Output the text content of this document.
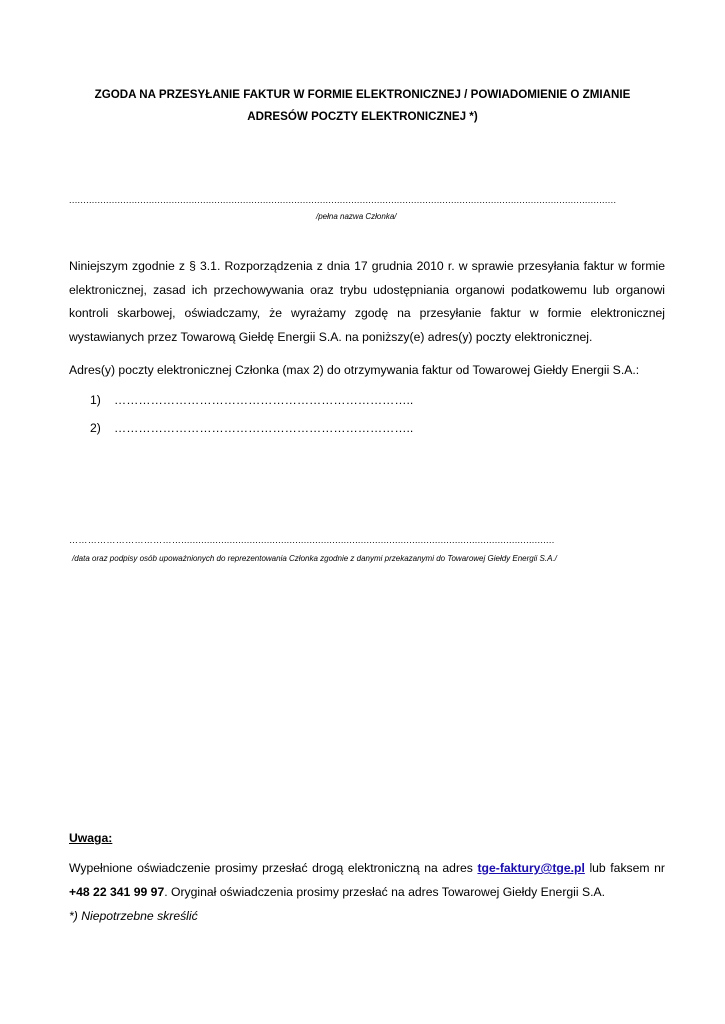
ZGODA NA PRZESYŁANIE FAKTUR W FORMIE ELEKTRONICZNEJ / POWIADOMIENIE O ZMIANIE
ADRESÓW POCZTY ELEKTRONICZNEJ *)
................................................................................................................................................................................................
/pełna nazwa Członka/
Niniejszym zgodnie z § 3.1. Rozporządzenia z dnia 17 grudnia 2010 r. w sprawie przesyłania faktur w formie elektronicznej, zasad ich przechowywania oraz trybu udostępniania organowi podatkowemu lub organowi kontroli skarbowej, oświadczamy, że wyrażamy zgodę na przesyłanie faktur w formie elektronicznej wystawianych przez Towarową Giełdę Energii S.A. na poniższy(e) adres(y) poczty elektronicznej.
Adres(y) poczty elektronicznej Członka (max 2) do otrzymywania faktur od Towarowej Giełdy Energii S.A.:
1) ………………………………………………………………..
2) ………………………………………………………………..
………………………………...................................................................................................................................
/data oraz podpisy osób upoważnionych do reprezentowania Członka zgodnie z danymi przekazanymi do Towarowej Giełdy Energii S.A./
Uwaga:
Wypełnione oświadczenie prosimy przesłać drogą elektroniczną na adres tge-faktury@tge.pl lub faksem nr +48 22 341 99 97. Oryginał oświadczenia prosimy przesłać na adres Towarowej Giełdy Energii S.A.
*) Niepotrzebne skreślić
